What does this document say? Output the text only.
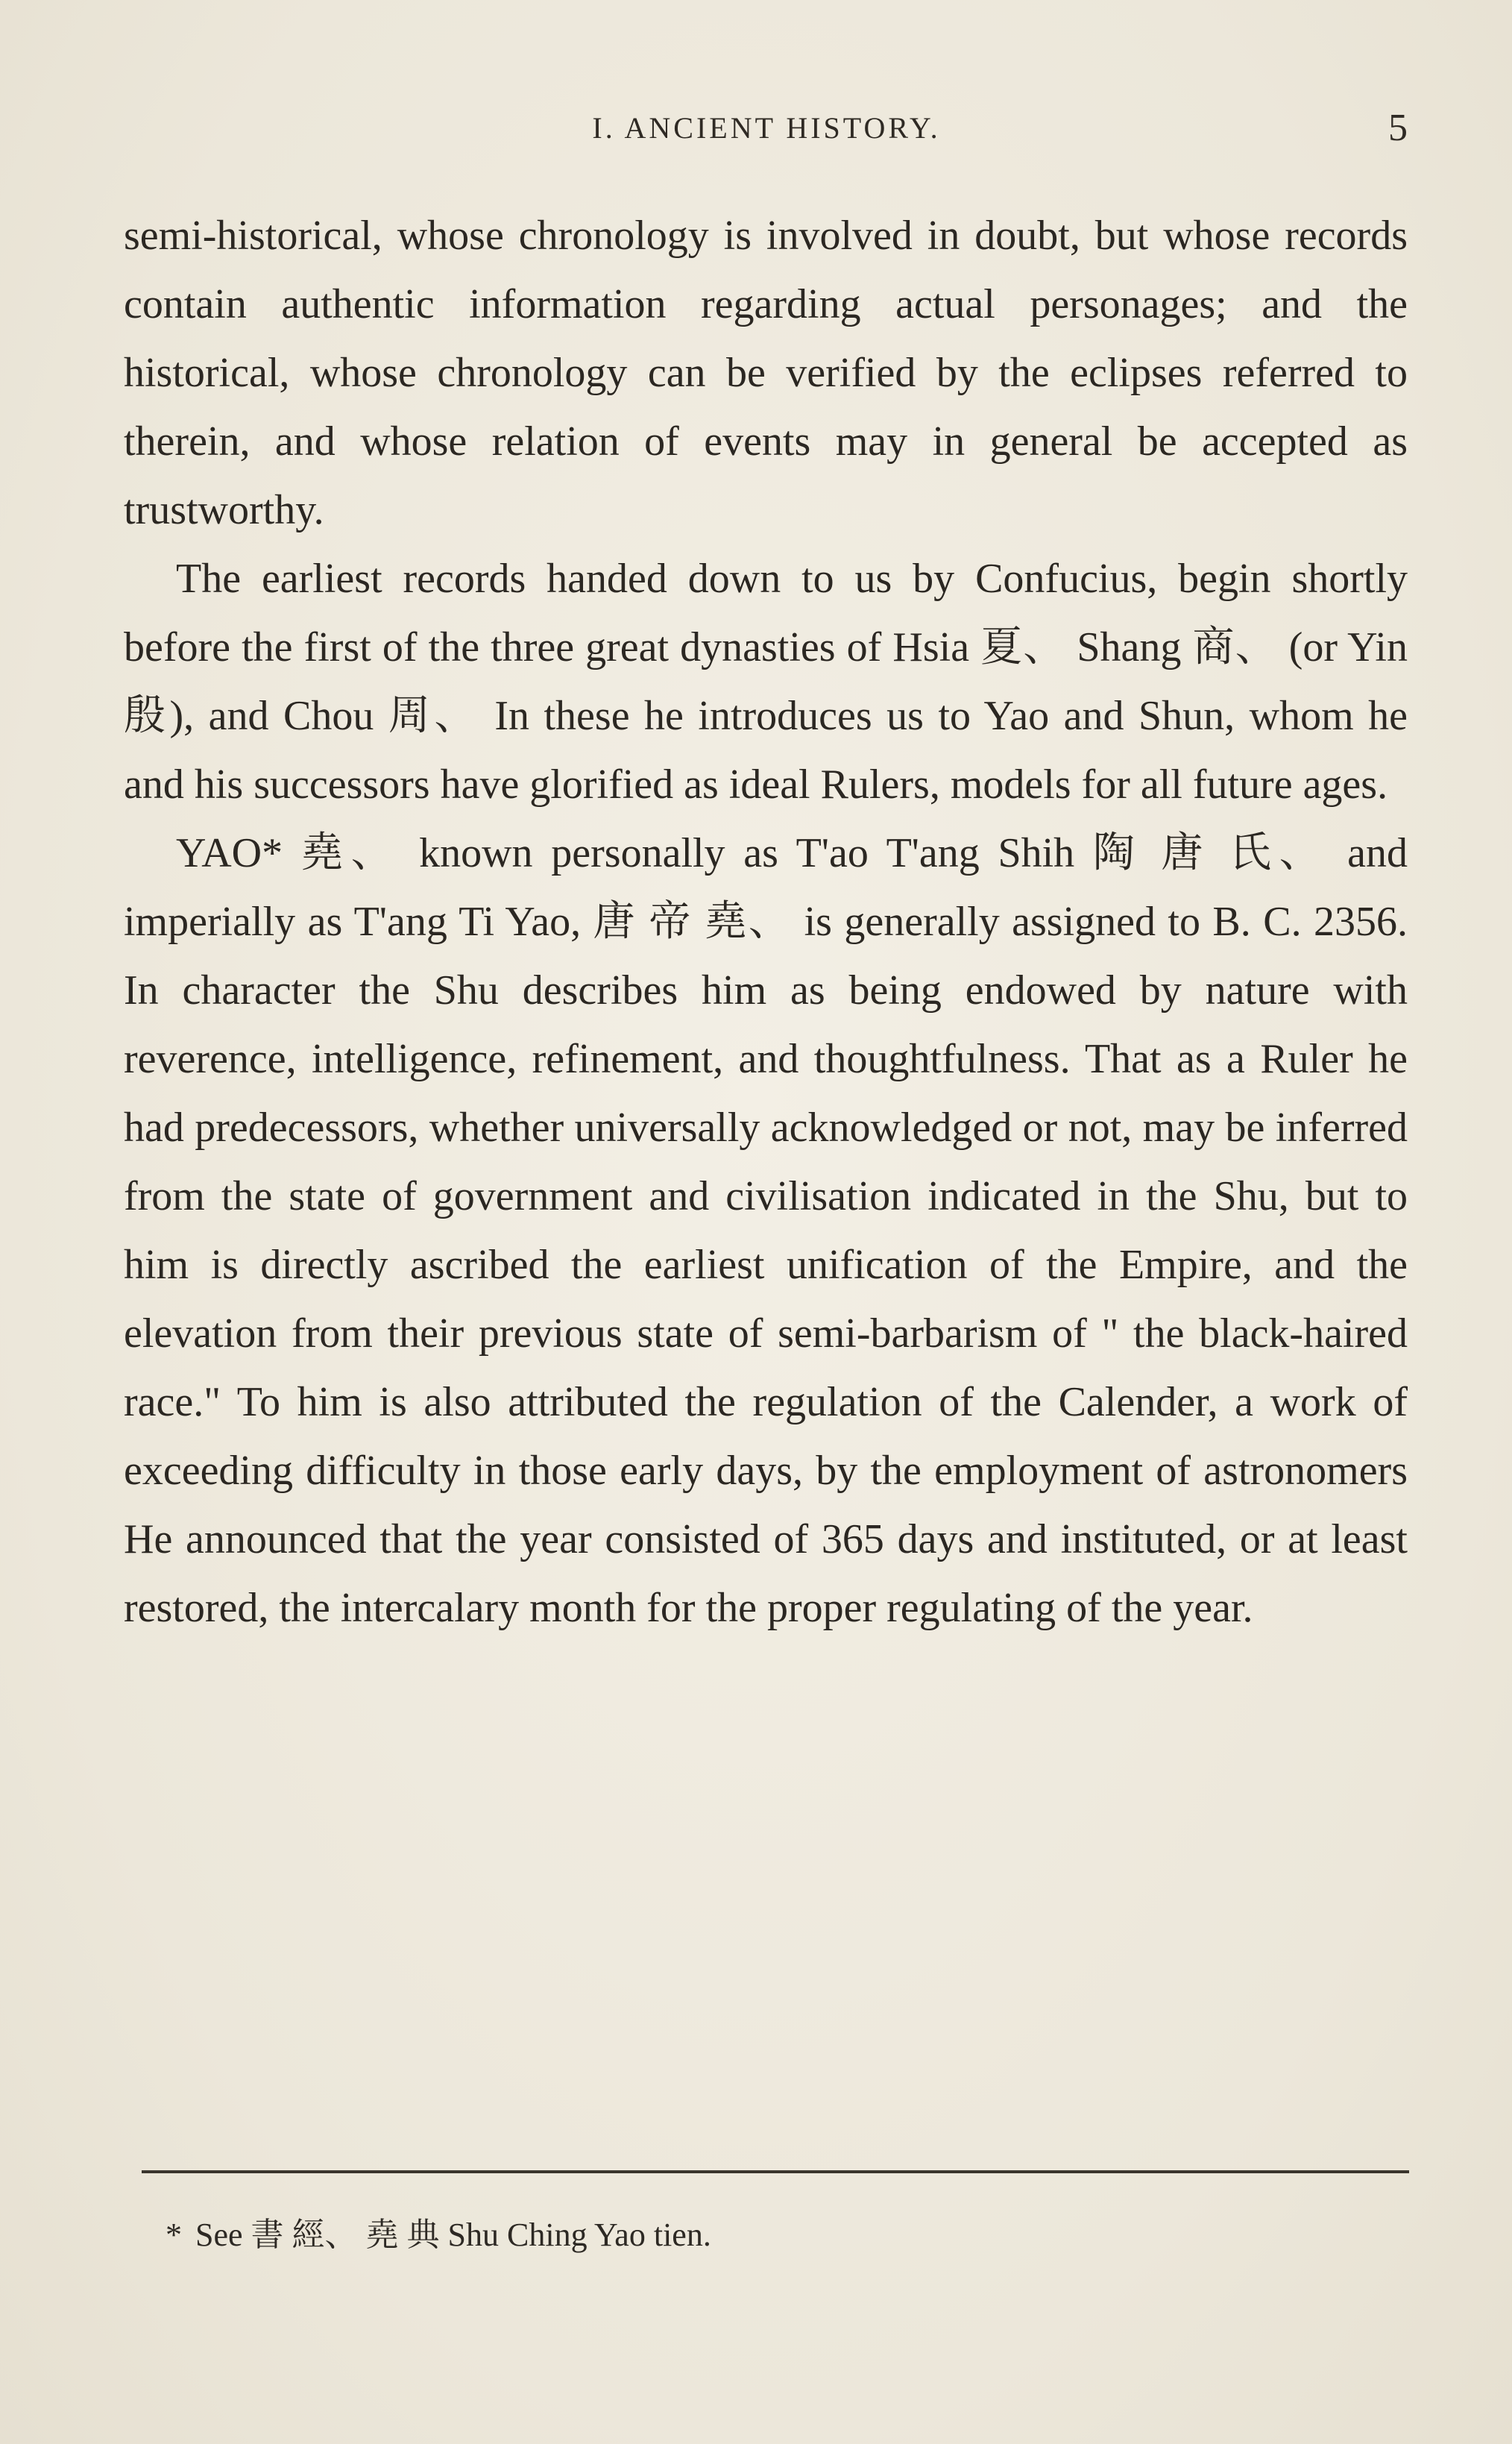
I. ANCIENT HISTORY.	5

semi-historical, whose chronology is involved in doubt, but whose records contain authentic information regarding actual personages; and the historical, whose chronology can be verified by the eclipses referred to therein, and whose relation of events may in general be accepted as trustworthy.

The earliest records handed down to us by Confucius, begin shortly before the first of the three great dynasties of Hsia 夏、 Shang 商、 (or Yin 殷), and Chou 周、 In these he introduces us to Yao and Shun, whom he and his successors have glorified as ideal Rulers, models for all future ages.

YAO* 堯、 known personally as T'ao T'ang Shih 陶 唐 氏、 and imperially as T'ang Ti Yao, 唐 帝 堯、 is generally assigned to B. C. 2356. In character the Shu describes him as being endowed by nature with reverence, intelligence, refinement, and thoughtfulness. That as a Ruler he had predecessors, whether universally acknowledged or not, may be inferred from the state of government and civilisation indicated in the Shu, but to him is directly ascribed the earliest unification of the Empire, and the elevation from their previous state of semi-barbarism of " the black-haired race." To him is also attributed the regulation of the Calender, a work of exceeding difficulty in those early days, by the employment of astronomers He announced that the year consisted of 365 days and instituted, or at least restored, the intercalary month for the proper regulating of the year.

* See 書 經、 堯 典 Shu Ching Yao tien.
